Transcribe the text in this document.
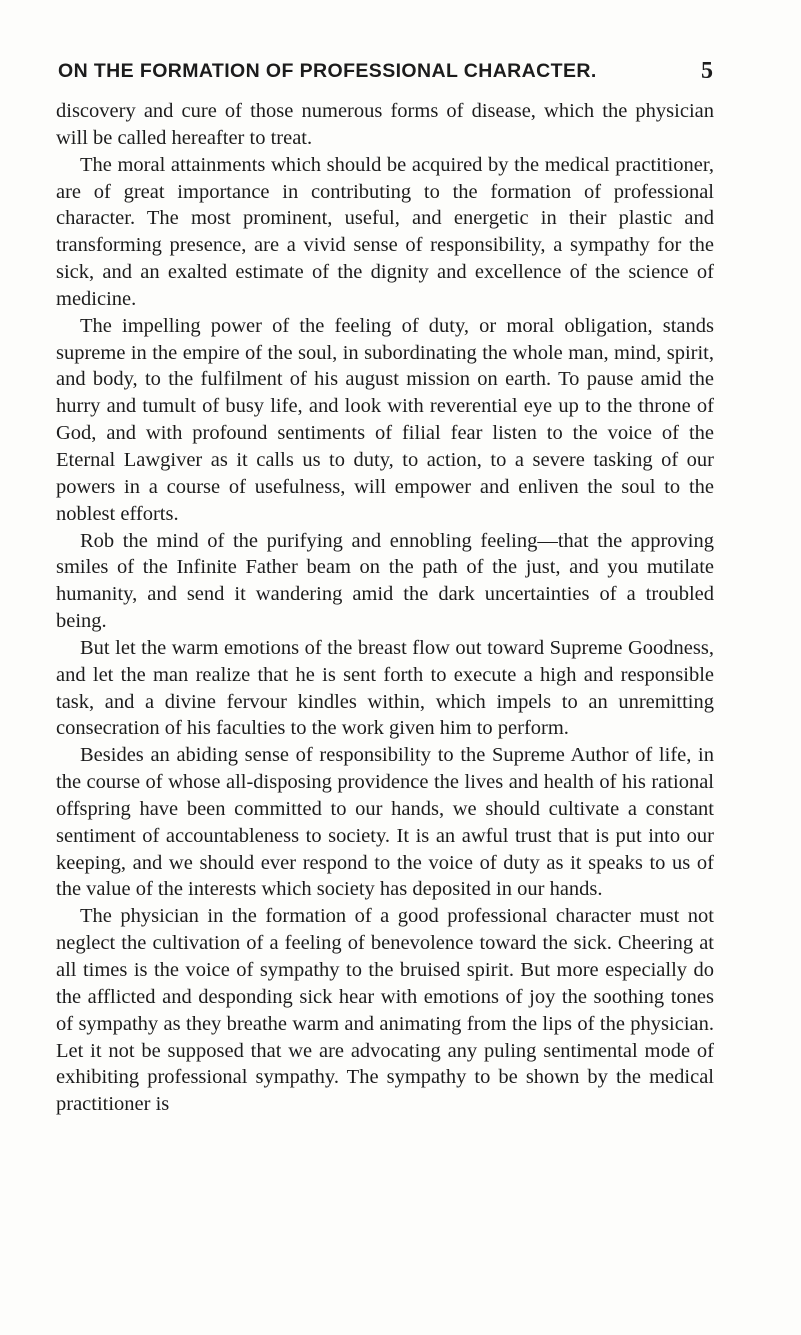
ON THE FORMATION OF PROFESSIONAL CHARACTER.	5

discovery and cure of those numerous forms of disease, which the physician will be called hereafter to treat.

The moral attainments which should be acquired by the medical practitioner, are of great importance in contributing to the formation of professional character. The most prominent, useful, and energetic in their plastic and transforming presence, are a vivid sense of responsibility, a sympathy for the sick, and an exalted estimate of the dignity and excellence of the science of medicine.

The impelling power of the feeling of duty, or moral obligation, stands supreme in the empire of the soul, in subordinating the whole man, mind, spirit, and body, to the fulfilment of his august mission on earth. To pause amid the hurry and tumult of busy life, and look with reverential eye up to the throne of God, and with profound sentiments of filial fear listen to the voice of the Eternal Lawgiver as it calls us to duty, to action, to a severe tasking of our powers in a course of usefulness, will empower and enliven the soul to the noblest efforts.

Rob the mind of the purifying and ennobling feeling—that the approving smiles of the Infinite Father beam on the path of the just, and you mutilate humanity, and send it wandering amid the dark uncertainties of a troubled being.

But let the warm emotions of the breast flow out toward Supreme Goodness, and let the man realize that he is sent forth to execute a high and responsible task, and a divine fervour kindles within, which impels to an unremitting consecration of his faculties to the work given him to perform.

Besides an abiding sense of responsibility to the Supreme Author of life, in the course of whose all-disposing providence the lives and health of his rational offspring have been committed to our hands, we should cultivate a constant sentiment of accountableness to society. It is an awful trust that is put into our keeping, and we should ever respond to the voice of duty as it speaks to us of the value of the interests which society has deposited in our hands.

The physician in the formation of a good professional character must not neglect the cultivation of a feeling of benevolence toward the sick. Cheering at all times is the voice of sympathy to the bruised spirit. But more especially do the afflicted and desponding sick hear with emotions of joy the soothing tones of sympathy as they breathe warm and animating from the lips of the physician. Let it not be supposed that we are advocating any puling sentimental mode of exhibiting professional sympathy. The sympathy to be shown by the medical practitioner is
